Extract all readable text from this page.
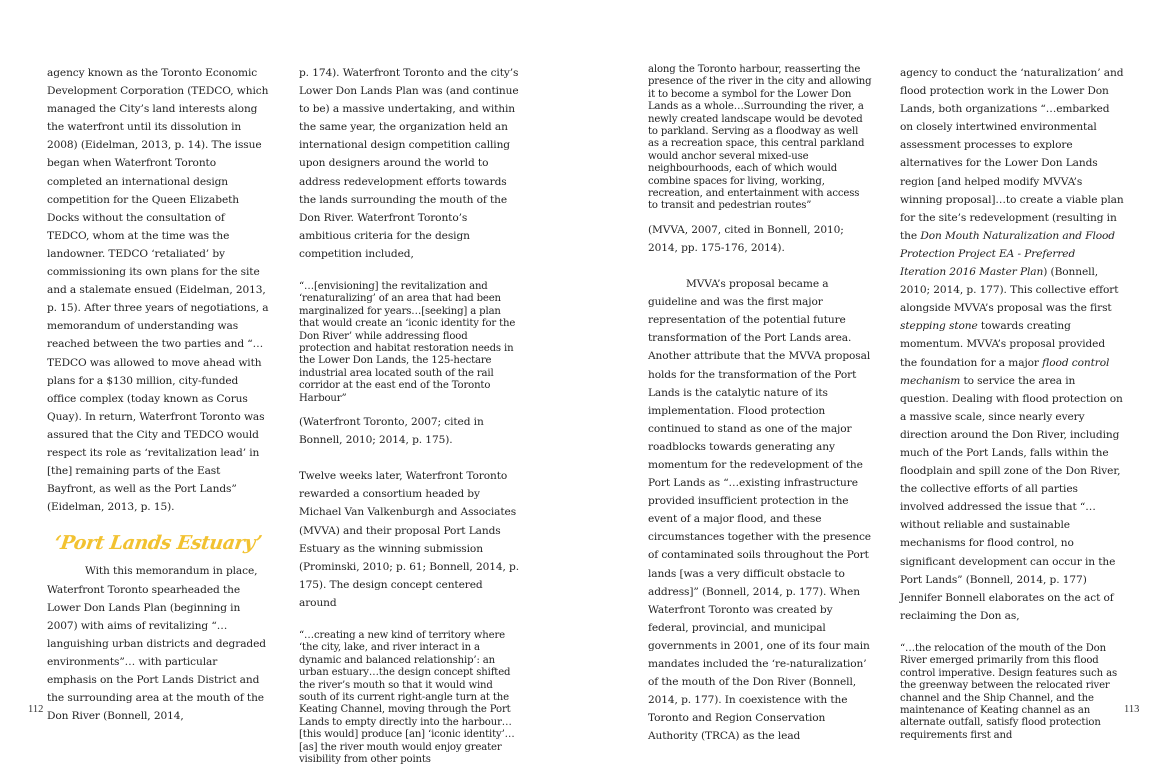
agency known as the Toronto Economic Development Corporation (TEDCO, which managed the City’s land interests along the waterfront until its dissolution in 2008) (Eidelman, 2013, p. 14). The issue began when Waterfront Toronto completed an international design competition for the Queen Elizabeth Docks without the consultation of TEDCO, whom at the time was the landowner. TEDCO ‘retaliated’ by commissioning its own plans for the site and a stalemate ensued (Eidelman, 2013, p. 15). After three years of negotiations, a memorandum of understanding was reached between the two parties and “…TEDCO was allowed to move ahead with plans for a $130 million, city-funded office complex (today known as Corus Quay). In return, Waterfront Toronto was assured that the City and TEDCO would respect its role as ‘revitalization lead’ in [the] remaining parts of the East Bayfront, as well as the Port Lands” (Eidelman, 2013, p. 15).

‘Port Lands Estuary’

With this memorandum in place, Waterfront Toronto spearheaded the Lower Don Lands Plan (beginning in 2007) with aims of revitalizing “…languishing urban districts and degraded environments”… with particular emphasis on the Port Lands District and the surrounding area at the mouth of the Don River (Bonnell, 2014,

p. 174). Waterfront Toronto and the city’s Lower Don Lands Plan was (and continue to be) a massive undertaking, and within the same year, the organization held an international design competition calling upon designers around the world to address redevelopment efforts towards the lands surrounding the mouth of the Don River. Waterfront Toronto’s ambitious criteria for the design competition included,

“…[envisioning] the revitalization and ‘renaturalizing’ of an area that had been marginalized for years…[seeking] a plan that would create an ‘iconic identity for the Don River’ while addressing flood protection and habitat restoration needs in the Lower Don Lands, the 125-hectare industrial area located south of the rail corridor at the east end of the Toronto Harbour”

(Waterfront Toronto, 2007; cited in Bonnell, 2010; 2014, p. 175).

Twelve weeks later, Waterfront Toronto rewarded a consortium headed by Michael Van Valkenburgh and Associates (MVVA) and their proposal Port Lands Estuary as the winning submission (Prominski, 2010; p. 61; Bonnell, 2014, p. 175). The design concept centered around

“…creating a new kind of territory where ‘the city, lake, and river interact in a dynamic and balanced relationship’: an urban estuary…the design concept shifted the river’s mouth so that it would wind south of its current right-angle turn at the Keating Channel, moving through the Port Lands to empty directly into the harbour…[this would] produce [an] ‘iconic identity’…[as] the river mouth would enjoy greater visibility from other points

along the Toronto harbour, reasserting the presence of the river in the city and allowing it to become a symbol for the Lower Don Lands as a whole…Surrounding the river, a newly created landscape would be devoted to parkland. Serving as a floodway as well as a recreation space, this central parkland would anchor several mixed-use neighbourhoods, each of which would combine spaces for living, working, recreation, and entertainment with access to transit and pedestrian routes”

(MVVA, 2007, cited in Bonnell, 2010; 2014, pp. 175-176, 2014).

MVVA’s proposal became a guideline and was the first major representation of the potential future transformation of the Port Lands area. Another attribute that the MVVA proposal holds for the transformation of the Port Lands is the catalytic nature of its implementation. Flood protection continued to stand as one of the major roadblocks towards generating any momentum for the redevelopment of the Port Lands as “…existing infrastructure provided insufficient protection in the event of a major flood, and these circumstances together with the presence of contaminated soils throughout the Port lands [was a very difficult obstacle to address]” (Bonnell, 2014, p. 177). When Waterfront Toronto was created by federal, provincial, and municipal governments in 2001, one of its four main mandates included the ‘re-naturalization’ of the mouth of the Don River (Bonnell, 2014, p. 177). In coexistence with the Toronto and Region Conservation Authority (TRCA) as the lead

agency to conduct the ‘naturalization’ and flood protection work in the Lower Don Lands, both organizations “…embarked on closely intertwined environmental assessment processes to explore alternatives for the Lower Don Lands region [and helped modify MVVA’s winning proposal]…to create a viable plan for the site’s redevelopment (resulting in the Don Mouth Naturalization and Flood Protection Project EA - Preferred Iteration 2016 Master Plan) (Bonnell, 2010; 2014, p. 177). This collective effort alongside MVVA’s proposal was the first stepping stone towards creating momentum. MVVA’s proposal provided the foundation for a major flood control mechanism to service the area in question. Dealing with flood protection on a massive scale, since nearly every direction around the Don River, including much of the Port Lands, falls within the floodplain and spill zone of the Don River, the collective efforts of all parties involved addressed the issue that “…without reliable and sustainable mechanisms for flood control, no significant development can occur in the Port Lands” (Bonnell, 2014, p. 177) Jennifer Bonnell elaborates on the act of reclaiming the Don as,

“…the relocation of the mouth of the Don River emerged primarily from this flood control imperative. Design features such as the greenway between the relocated river channel and the Ship Channel, and the maintenance of Keating channel as an alternate outfall, satisfy flood protection requirements first and

112	113
